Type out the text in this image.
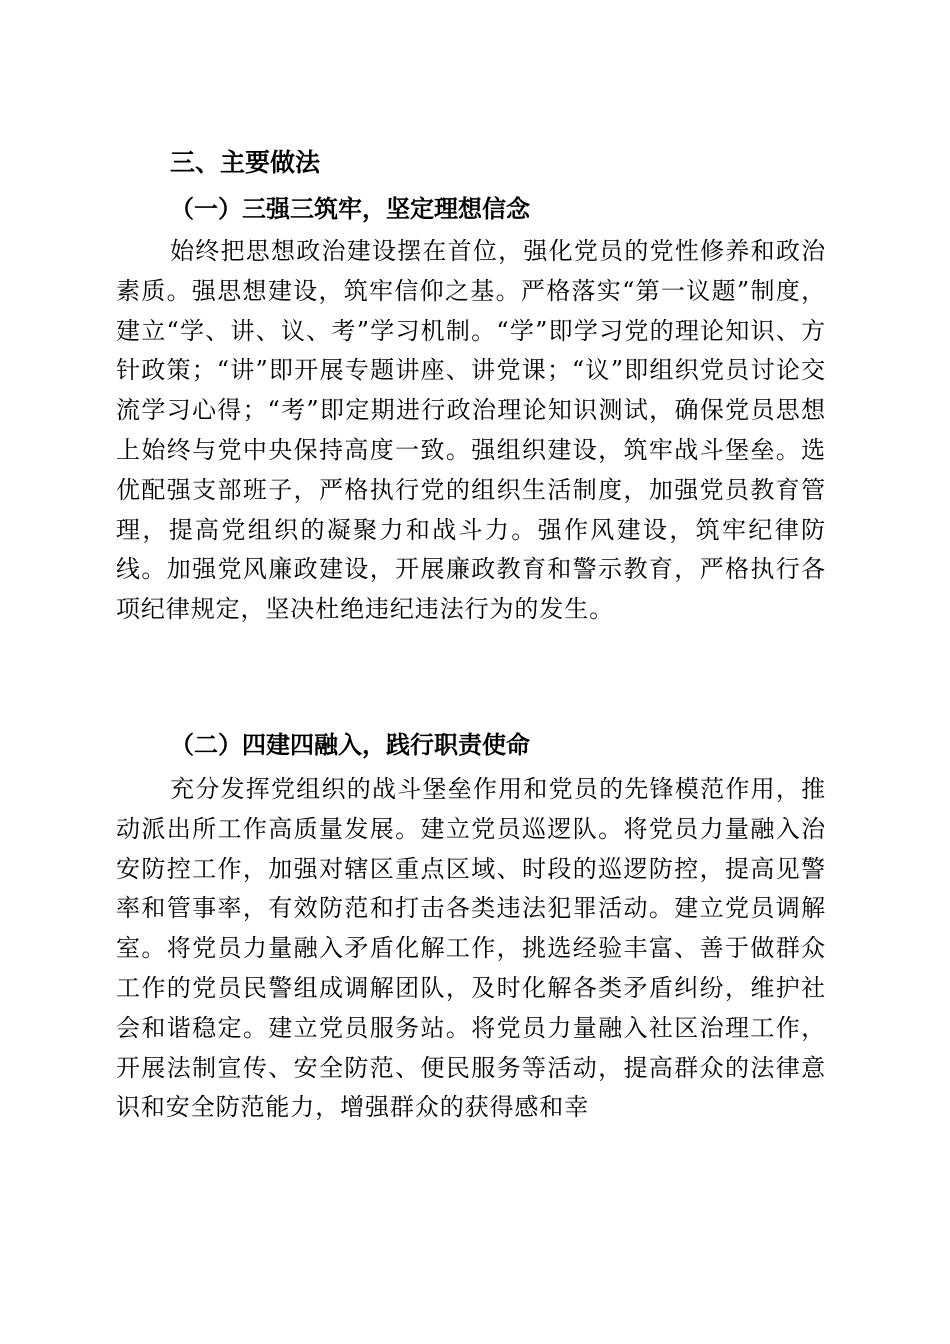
三、主要做法
（一）三强三筑牢，坚定理想信念
始终把思想政治建设摆在首位，强化党员的党性修养和政治素质。强思想建设，筑牢信仰之基。严格落实“第一议题”制度，建立“学、讲、议、考”学习机制。“学”即学习党的理论知识、方针政策；“讲”即开展专题讲座、讲党课；“议”即组织党员讨论交流学习心得；“考”即定期进行政治理论知识测试，确保党员思想上始终与党中央保持高度一致。强组织建设，筑牢战斗堡垒。选优配强支部班子，严格执行党的组织生活制度，加强党员教育管理，提高党组织的凝聚力和战斗力。强作风建设，筑牢纪律防线。加强党风廉政建设，开展廉政教育和警示教育，严格执行各项纪律规定，坚决杜绝违纪违法行为的发生。
（二）四建四融入，践行职责使命
充分发挥党组织的战斗堡垒作用和党员的先锋模范作用，推动派出所工作高质量发展。建立党员巡逻队。将党员力量融入治安防控工作，加强对辖区重点区域、时段的巡逻防控，提高见警率和管事率，有效防范和打击各类违法犯罪活动。建立党员调解室。将党员力量融入矛盾化解工作，挑选经验丰富、善于做群众工作的党员民警组成调解团队，及时化解各类矛盾纠纷，维护社会和谐稳定。建立党员服务站。将党员力量融入社区治理工作，开展法制宣传、安全防范、便民服务等活动，提高群众的法律意识和安全防范能力，增强群众的获得感和幸
